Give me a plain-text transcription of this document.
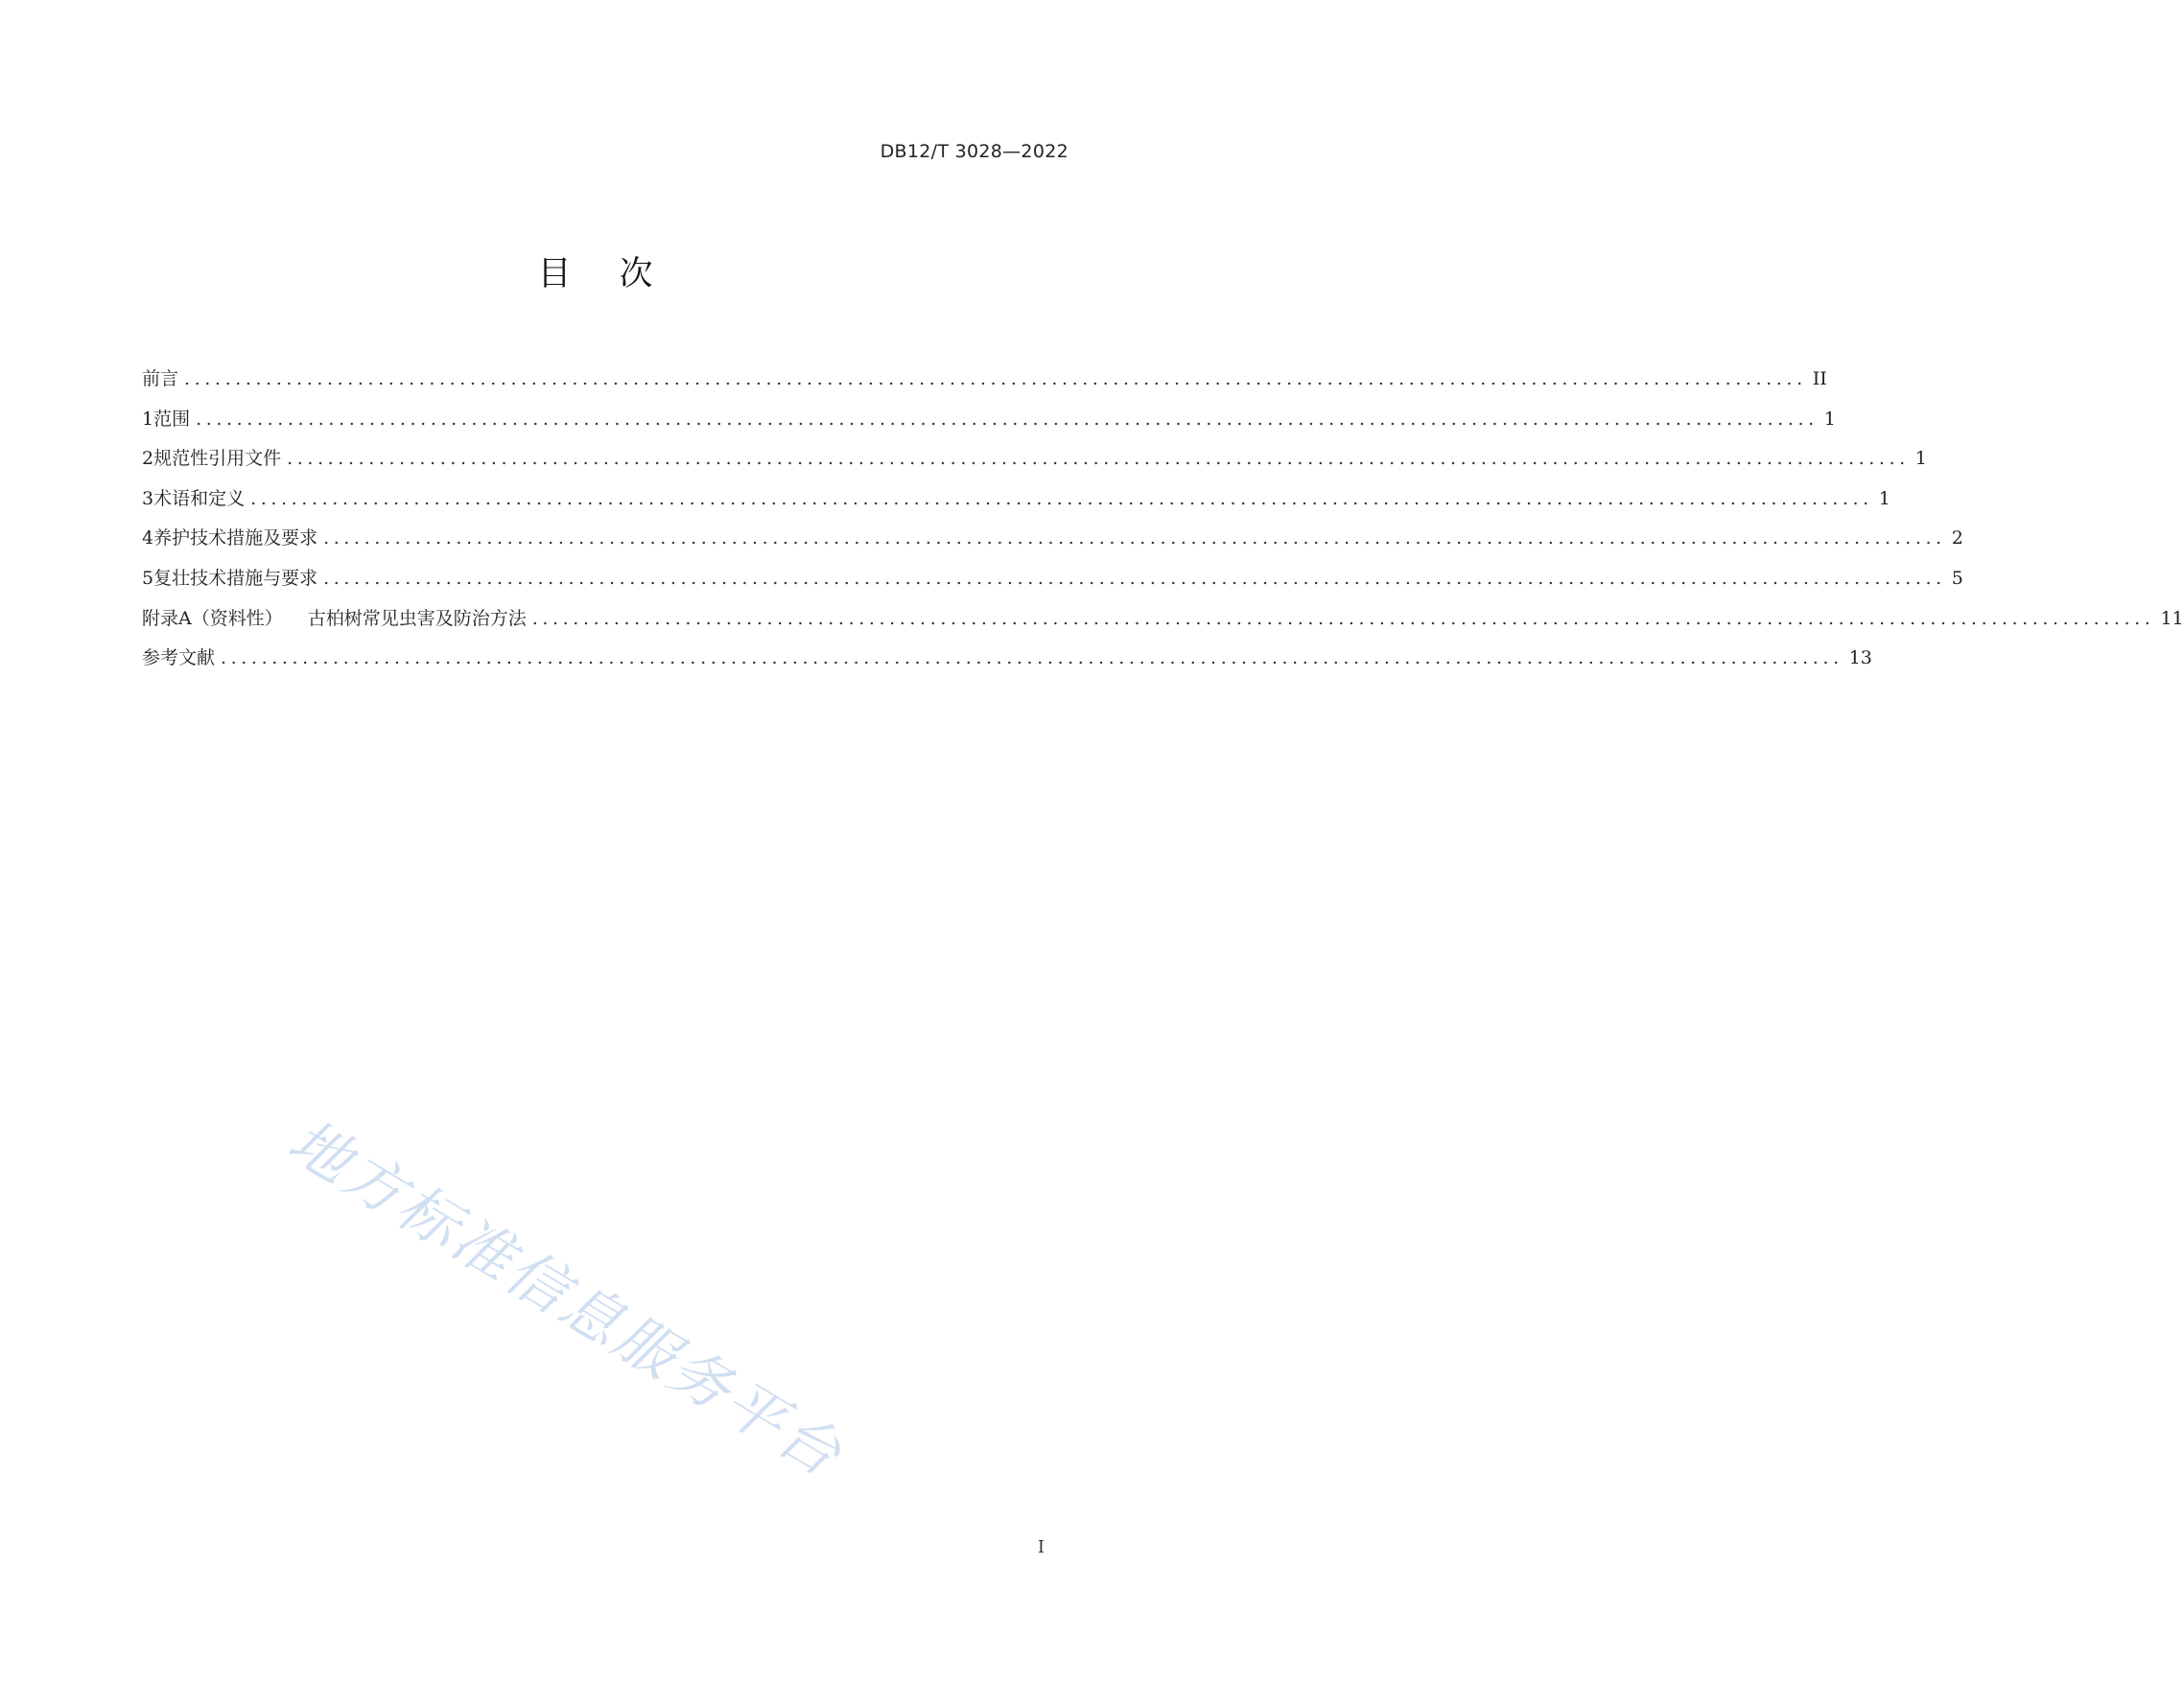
DB12/T 3028—2022
目 次
前言 ............................................................................................................................................................... II
1 范围 ............................................................................................................................................................... 1
2 规范性引用文件 ............................................................................................................................................................... 1
3 术语和定义 ............................................................................................................................................................... 1
4 养护技术措施及要求 ............................................................................................................................................................... 2
5 复壮技术措施与要求 ............................................................................................................................................................... 5
附录A（资料性） 古柏树常见虫害及防治方法 ............................................................................................................................................................... 11
参考文献 ............................................................................................................................................................... 13
地方标准信息服务平台
I
